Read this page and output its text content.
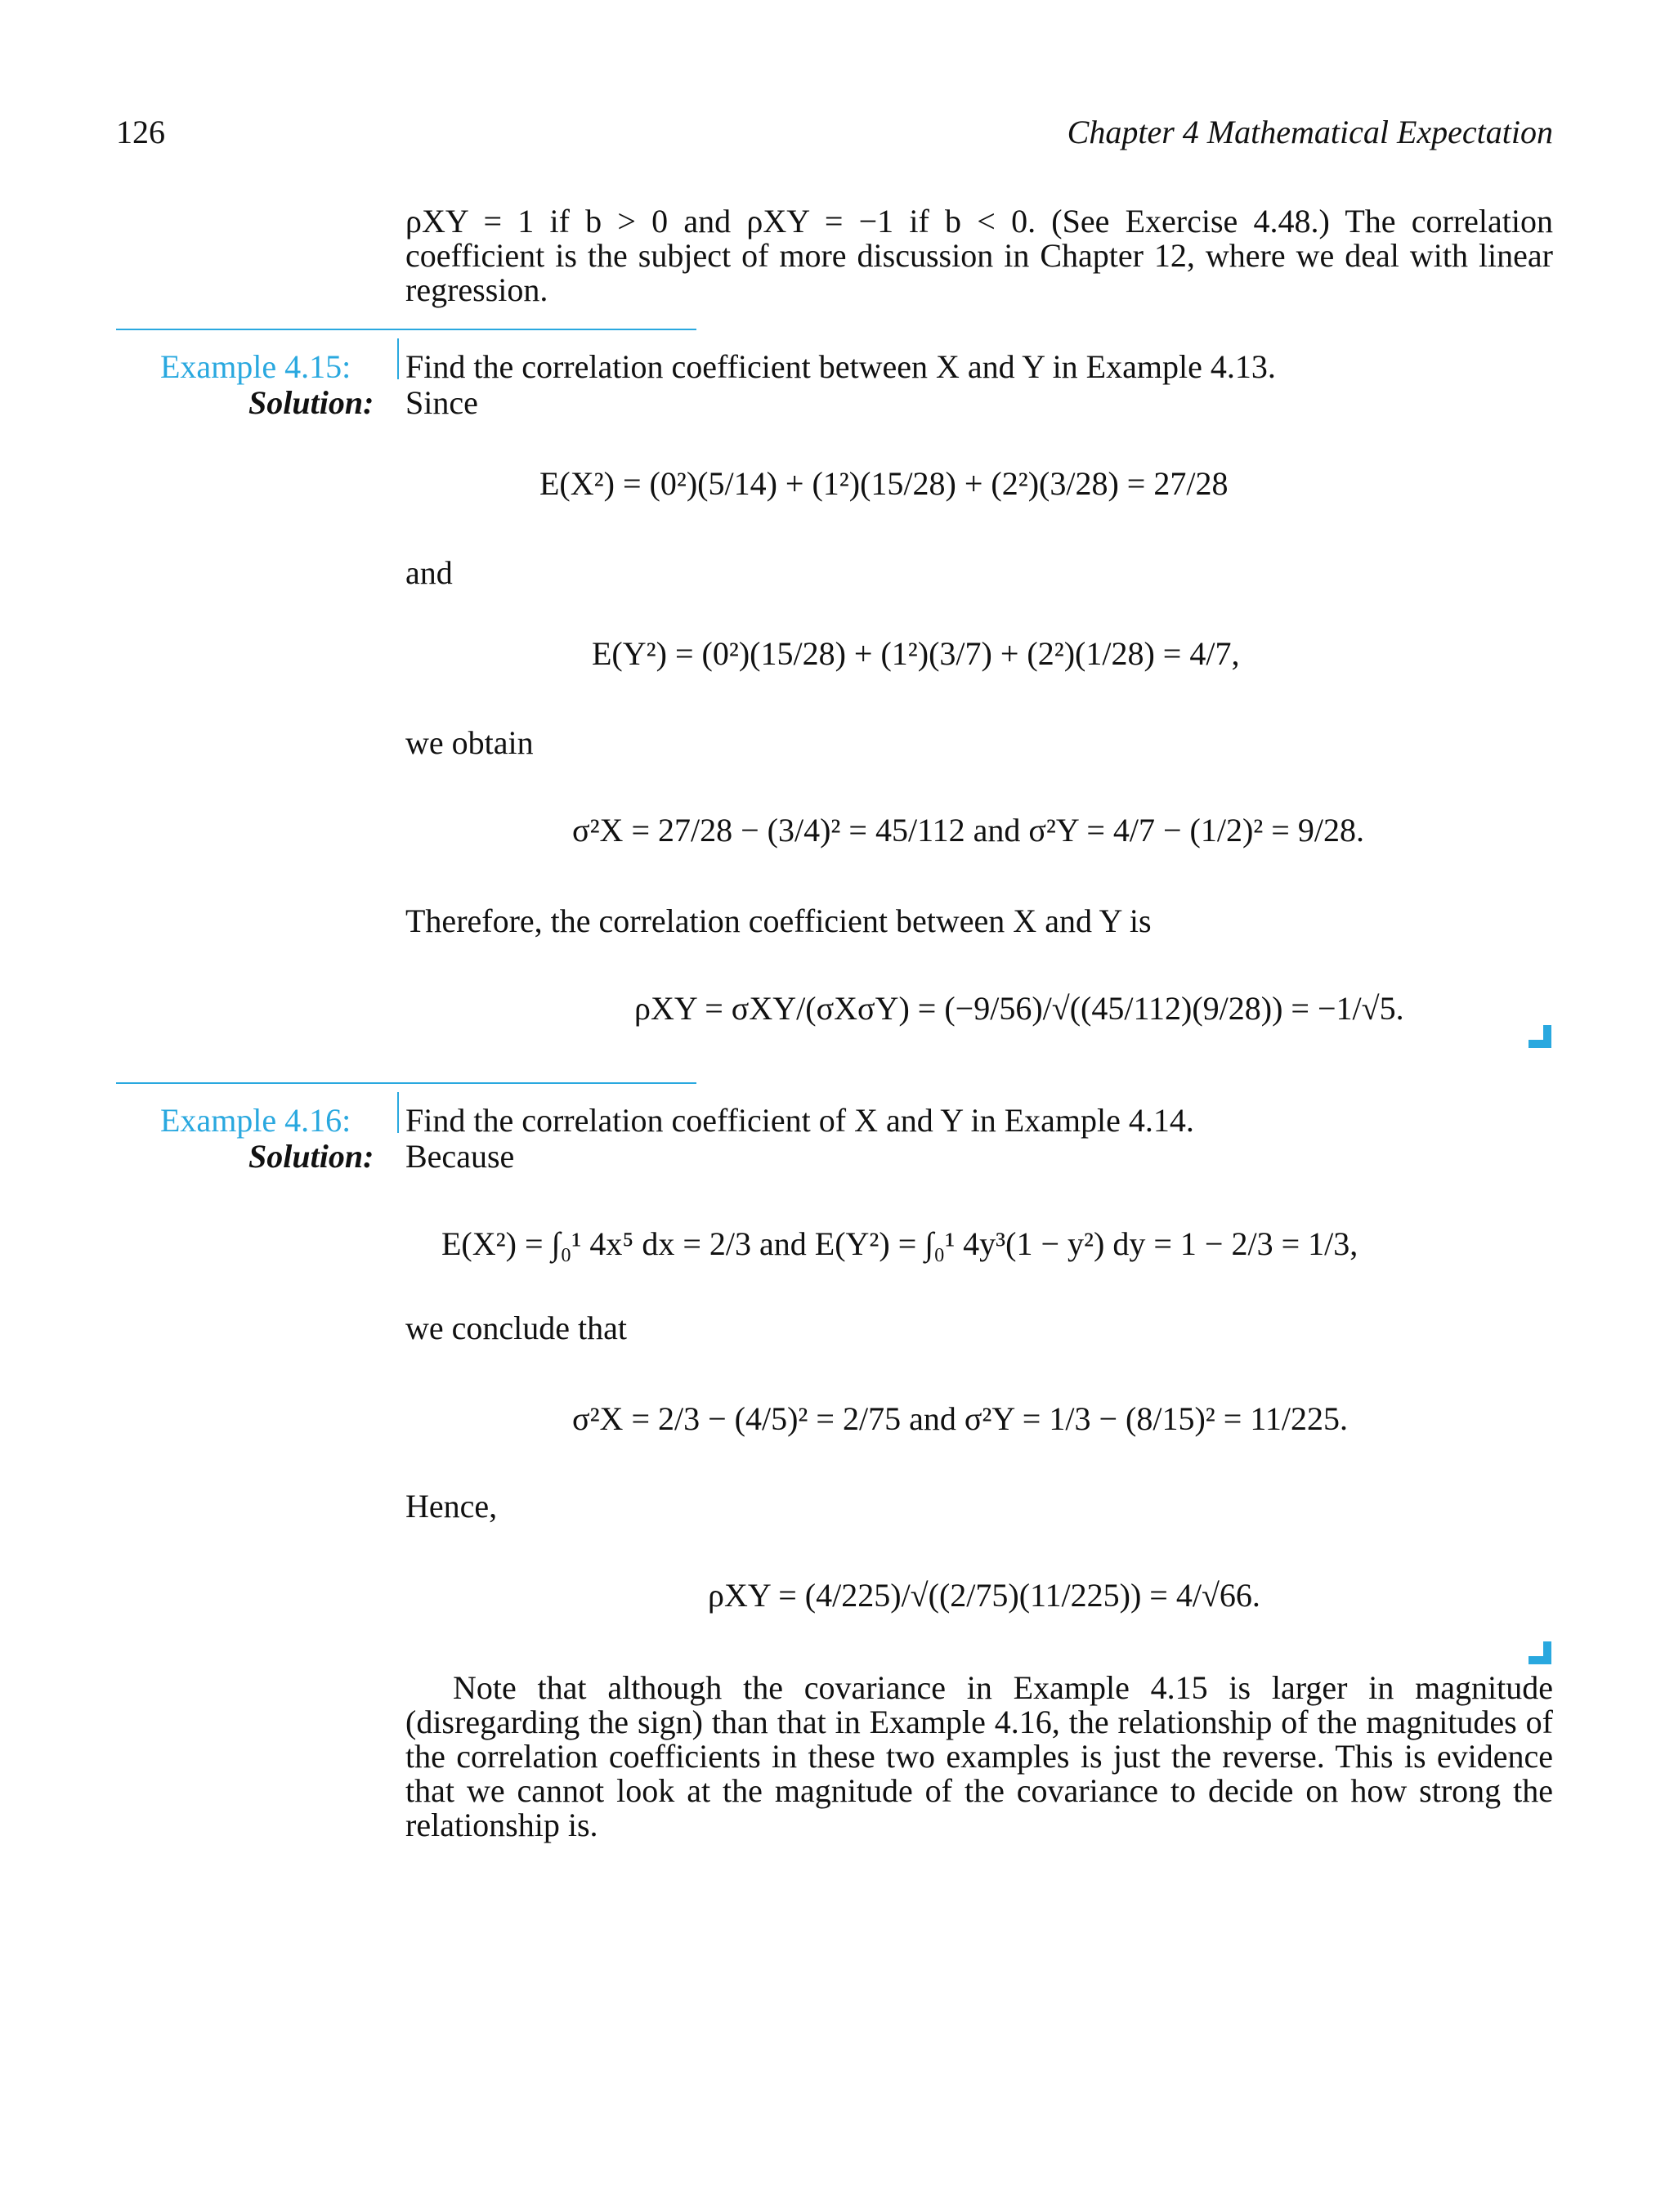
126	Chapter 4 Mathematical Expectation
ρXY = 1 if b > 0 and ρXY = −1 if b < 0. (See Exercise 4.48.) The correlation coefficient is the subject of more discussion in Chapter 12, where we deal with linear regression.
Example 4.15: Find the correlation coefficient between X and Y in Example 4.13.
Solution: Since
E(X²) = (0²)(5/14) + (1²)(15/28) + (2²)(3/28) = 27/28
and
E(Y²) = (0²)(15/28) + (1²)(3/7) + (2²)(1/28) = 4/7,
we obtain
σ²X = 27/28 − (3/4)² = 45/112 and σ²Y = 4/7 − (1/2)² = 9/28.
Therefore, the correlation coefficient between X and Y is
ρXY = σXY/(σXσY) = (−9/56)/√((45/112)(9/28)) = −1/√5.
Example 4.16: Find the correlation coefficient of X and Y in Example 4.14.
Solution: Because
E(X²) = ∫₀¹ 4x⁵ dx = 2/3 and E(Y²) = ∫₀¹ 4y³(1 − y²) dy = 1 − 2/3 = 1/3,
we conclude that
σ²X = 2/3 − (4/5)² = 2/75 and σ²Y = 1/3 − (8/15)² = 11/225.
Hence,
ρXY = (4/225)/√((2/75)(11/225)) = 4/√66.
Note that although the covariance in Example 4.15 is larger in magnitude (disregarding the sign) than that in Example 4.16, the relationship of the magnitudes of the correlation coefficients in these two examples is just the reverse. This is evidence that we cannot look at the magnitude of the covariance to decide on how strong the relationship is.
